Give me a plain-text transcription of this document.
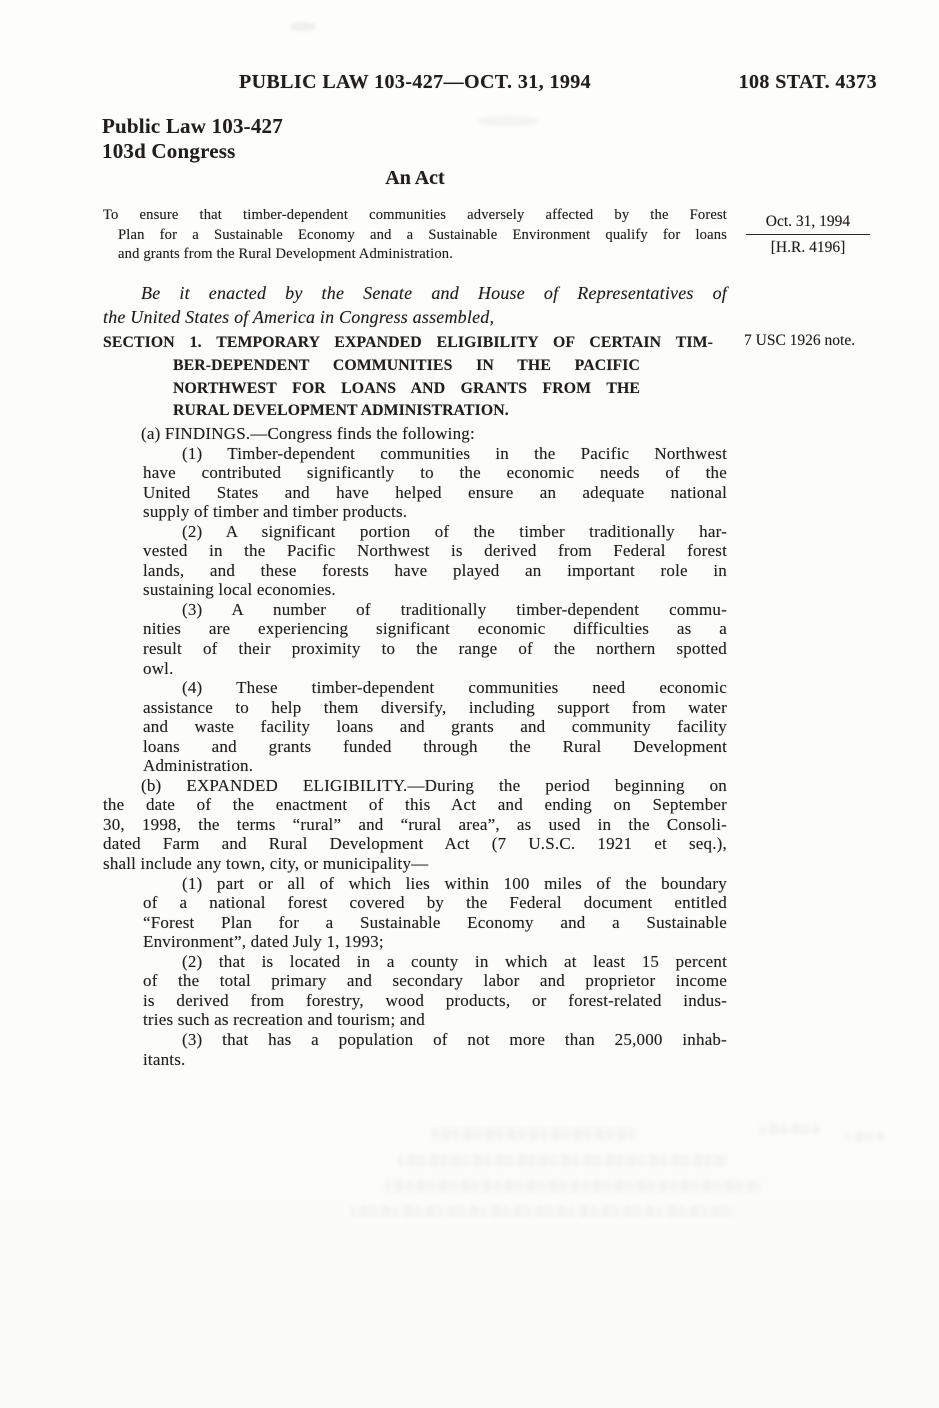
PUBLIC LAW 103-427—OCT. 31, 1994	108 STAT. 4373
Public Law 103-427
103d Congress
An Act
To ensure that timber-dependent communities adversely affected by the Forest
Plan for a Sustainable Economy and a Sustainable Environment qualify for loans
and grants from the Rural Development Administration.
Oct. 31, 1994
[H.R. 4196]
Be it enacted by the Senate and House of Representatives of
the United States of America in Congress assembled,
SECTION 1. TEMPORARY EXPANDED ELIGIBILITY OF CERTAIN TIM-
BER-DEPENDENT COMMUNITIES IN THE PACIFIC
NORTHWEST FOR LOANS AND GRANTS FROM THE
RURAL DEVELOPMENT ADMINISTRATION.
7 USC 1926 note.
(a) FINDINGS.—Congress finds the following:
(1) Timber-dependent communities in the Pacific Northwest
have contributed significantly to the economic needs of the
United States and have helped ensure an adequate national
supply of timber and timber products.
(2) A significant portion of the timber traditionally har-
vested in the Pacific Northwest is derived from Federal forest
lands, and these forests have played an important role in
sustaining local economies.
(3) A number of traditionally timber-dependent commu-
nities are experiencing significant economic difficulties as a
result of their proximity to the range of the northern spotted
owl.
(4) These timber-dependent communities need economic
assistance to help them diversify, including support from water
and waste facility loans and grants and community facility
loans and grants funded through the Rural Development
Administration.
(b) EXPANDED ELIGIBILITY.—During the period beginning on
the date of the enactment of this Act and ending on September
30, 1998, the terms “rural” and “rural area”, as used in the Consoli-
dated Farm and Rural Development Act (7 U.S.C. 1921 et seq.),
shall include any town, city, or municipality—
(1) part or all of which lies within 100 miles of the boundary
of a national forest covered by the Federal document entitled
“Forest Plan for a Sustainable Economy and a Sustainable
Environment”, dated July 1, 1993;
(2) that is located in a county in which at least 15 percent
of the total primary and secondary labor and proprietor income
is derived from forestry, wood products, or forest-related indus-
tries such as recreation and tourism; and
(3) that has a population of not more than 25,000 inhab-
itants.
